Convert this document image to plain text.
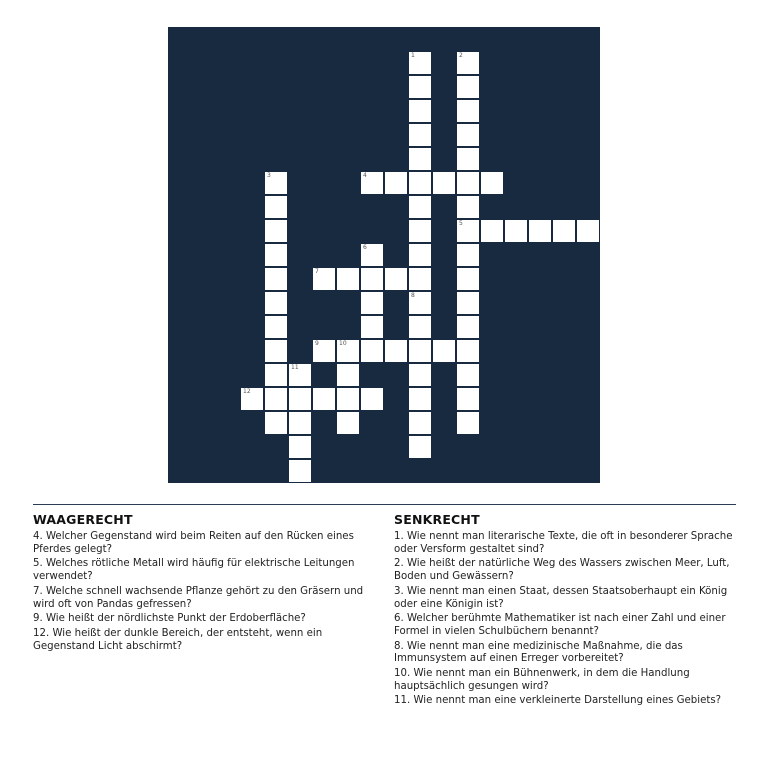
1	2
4
3
5
6
7
8
9	10
11
12
WAAGERECHT
4. Welcher Gegenstand wird beim Reiten auf den Rücken eines Pferdes gelegt?
5. Welches rötliche Metall wird häufig für elektrische Leitungen verwendet?
7. Welche schnell wachsende Pflanze gehört zu den Gräsern und wird oft von Pandas gefressen?
9. Wie heißt der nördlichste Punkt der Erdoberfläche?
12. Wie heißt der dunkle Bereich, der entsteht, wenn ein Gegenstand Licht abschirmt?
SENKRECHT
1. Wie nennt man literarische Texte, die oft in besonderer Sprache oder Versform gestaltet sind?
2. Wie heißt der natürliche Weg des Wassers zwischen Meer, Luft, Boden und Gewässern?
3. Wie nennt man einen Staat, dessen Staatsoberhaupt ein König oder eine Königin ist?
6. Welcher berühmte Mathematiker ist nach einer Zahl und einer Formel in vielen Schulbüchern benannt?
8. Wie nennt man eine medizinische Maßnahme, die das Immunsystem auf einen Erreger vorbereitet?
10. Wie nennt man ein Bühnenwerk, in dem die Handlung hauptsächlich gesungen wird?
11. Wie nennt man eine verkleinerte Darstellung eines Gebiets?
